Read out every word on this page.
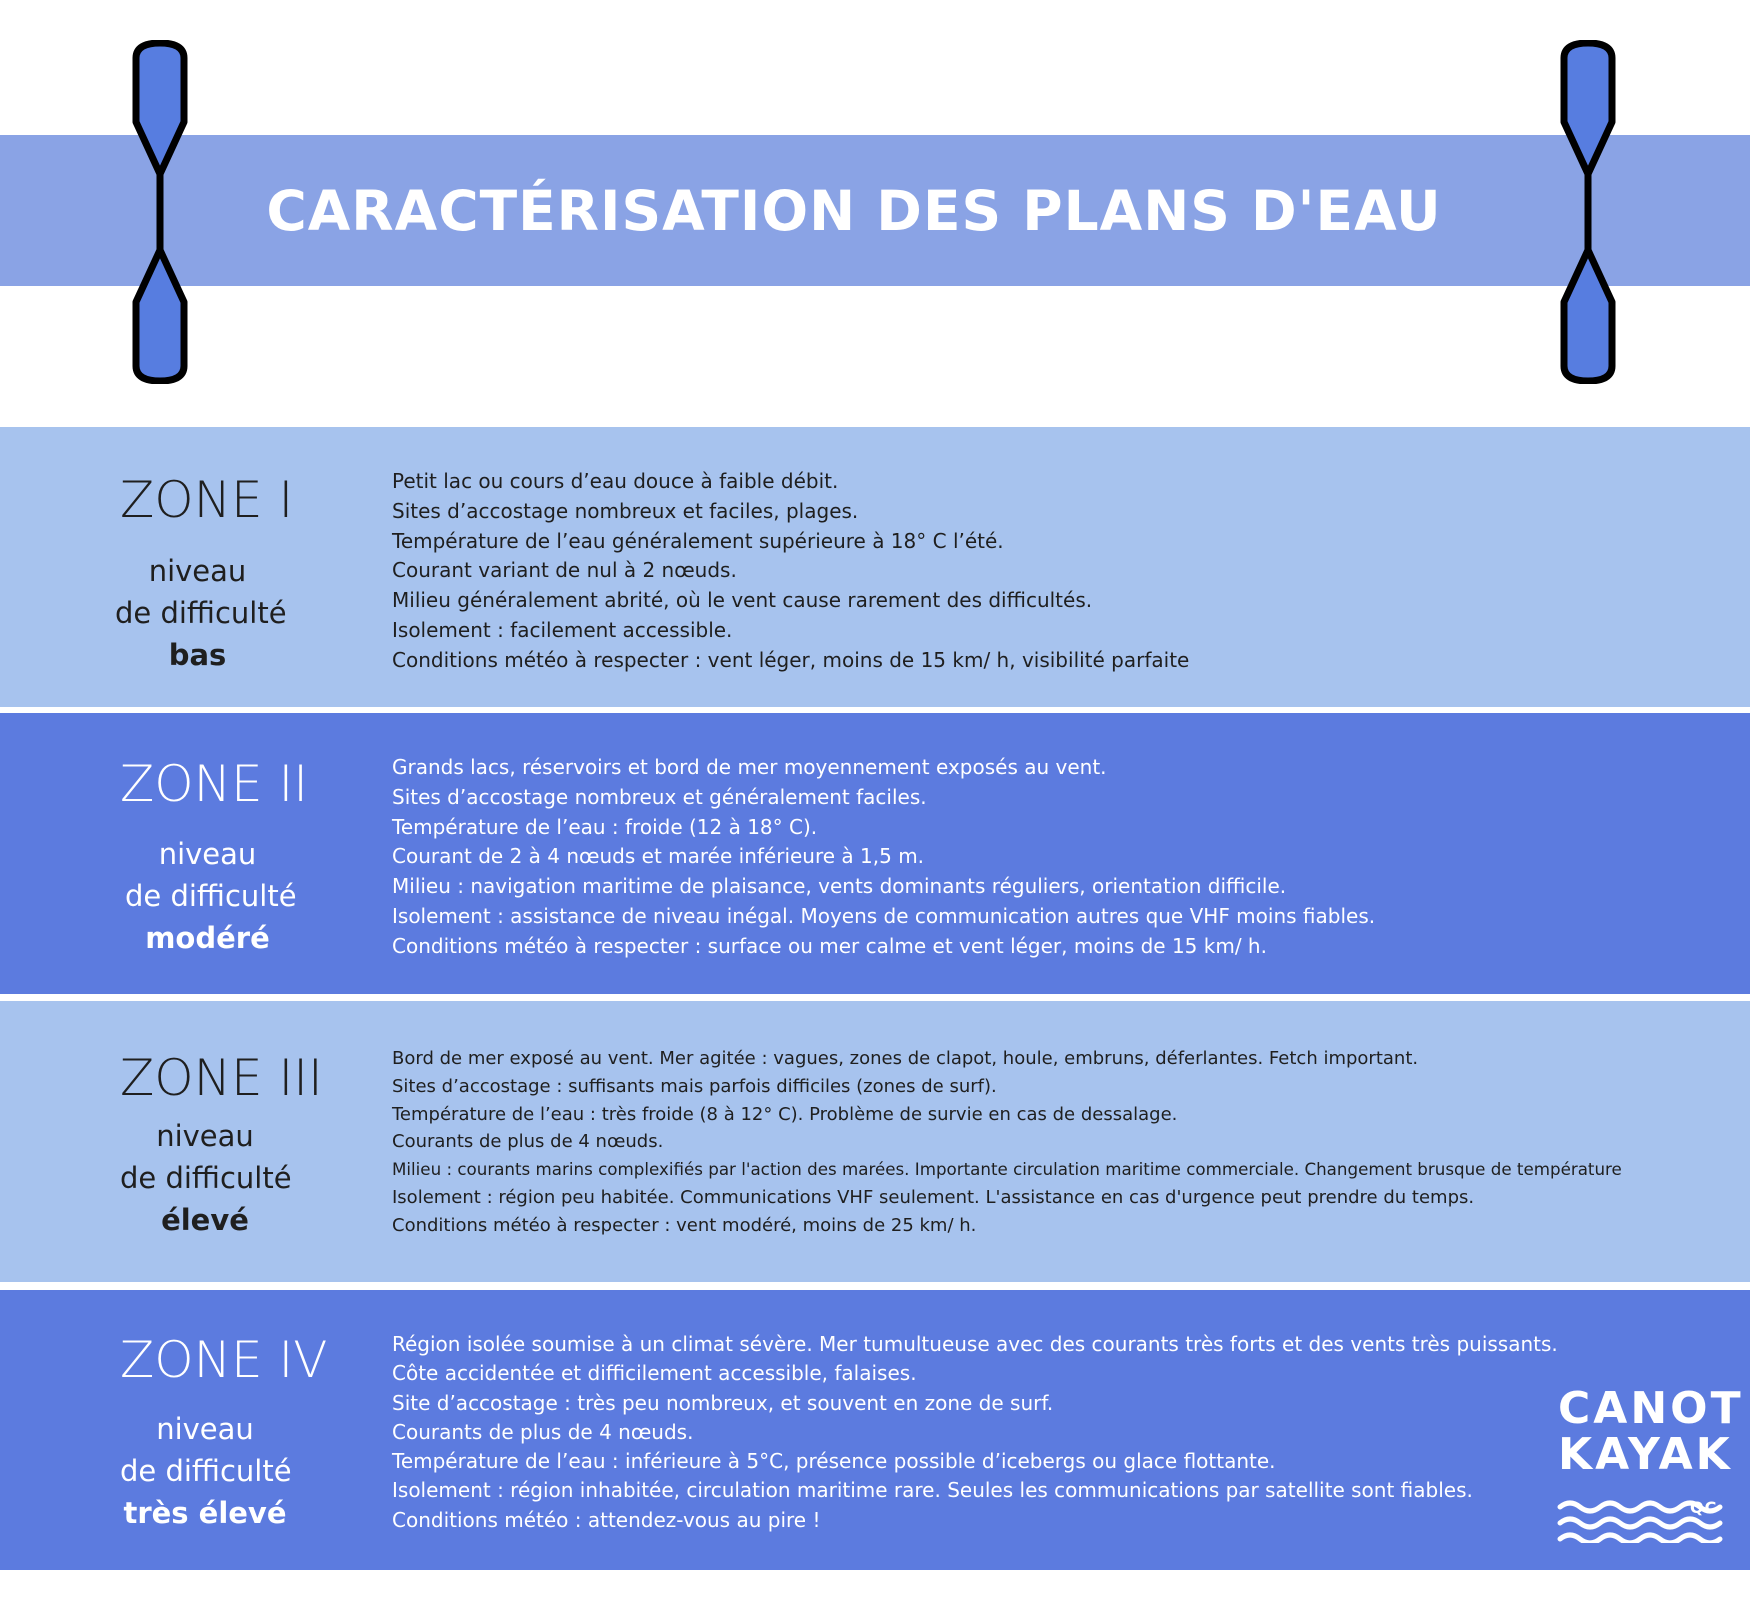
CARACTÉRISATION DES PLANS D'EAU
ZONE I
niveau
de difficulté
bas
Petit lac ou cours d’eau douce à faible débit.
Sites d’accostage nombreux et faciles, plages.
Température de l’eau généralement supérieure à 18° C l’été.
Courant variant de nul à 2 nœuds.
Milieu généralement abrité, où le vent cause rarement des difficultés.
Isolement : facilement accessible.
Conditions météo à respecter : vent léger, moins de 15 km/ h, visibilité parfaite
ZONE II
niveau
de difficulté
modéré
Grands lacs, réservoirs et bord de mer moyennement exposés au vent.
Sites d’accostage nombreux et généralement faciles.
Température de l’eau : froide (12 à 18° C).
Courant de 2 à 4 nœuds et marée inférieure à 1,5 m.
Milieu : navigation maritime de plaisance, vents dominants réguliers, orientation difficile.
Isolement : assistance de niveau inégal. Moyens de communication autres que VHF moins fiables.
Conditions météo à respecter : surface ou mer calme et vent léger, moins de 15 km/ h.
ZONE III
niveau
de difficulté
élevé
Bord de mer exposé au vent. Mer agitée : vagues, zones de clapot, houle, embruns, déferlantes. Fetch important.
Sites d’accostage : suffisants mais parfois difficiles (zones de surf).
Température de l’eau : très froide (8 à 12° C). Problème de survie en cas de dessalage.
Courants de plus de 4 nœuds.
Milieu : courants marins complexifiés par l'action des marées. Importante circulation maritime commerciale. Changement brusque de température
Isolement : région peu habitée. Communications VHF seulement. L'assistance en cas d'urgence peut prendre du temps.
Conditions météo à respecter : vent modéré, moins de 25 km/ h.
ZONE IV
niveau
de difficulté
très élevé
Région isolée soumise à un climat sévère. Mer tumultueuse avec des courants très forts et des vents très puissants.
Côte accidentée et difficilement accessible, falaises.
Site d’accostage : très peu nombreux, et souvent en zone de surf.
Courants de plus de 4 nœuds.
Température de l’eau : inférieure à 5°C, présence possible d’icebergs ou glace flottante.
Isolement : région inhabitée, circulation maritime rare. Seules les communications par satellite sont fiables.
Conditions météo : attendez-vous au pire !
CANOT
KAYAK
QC
